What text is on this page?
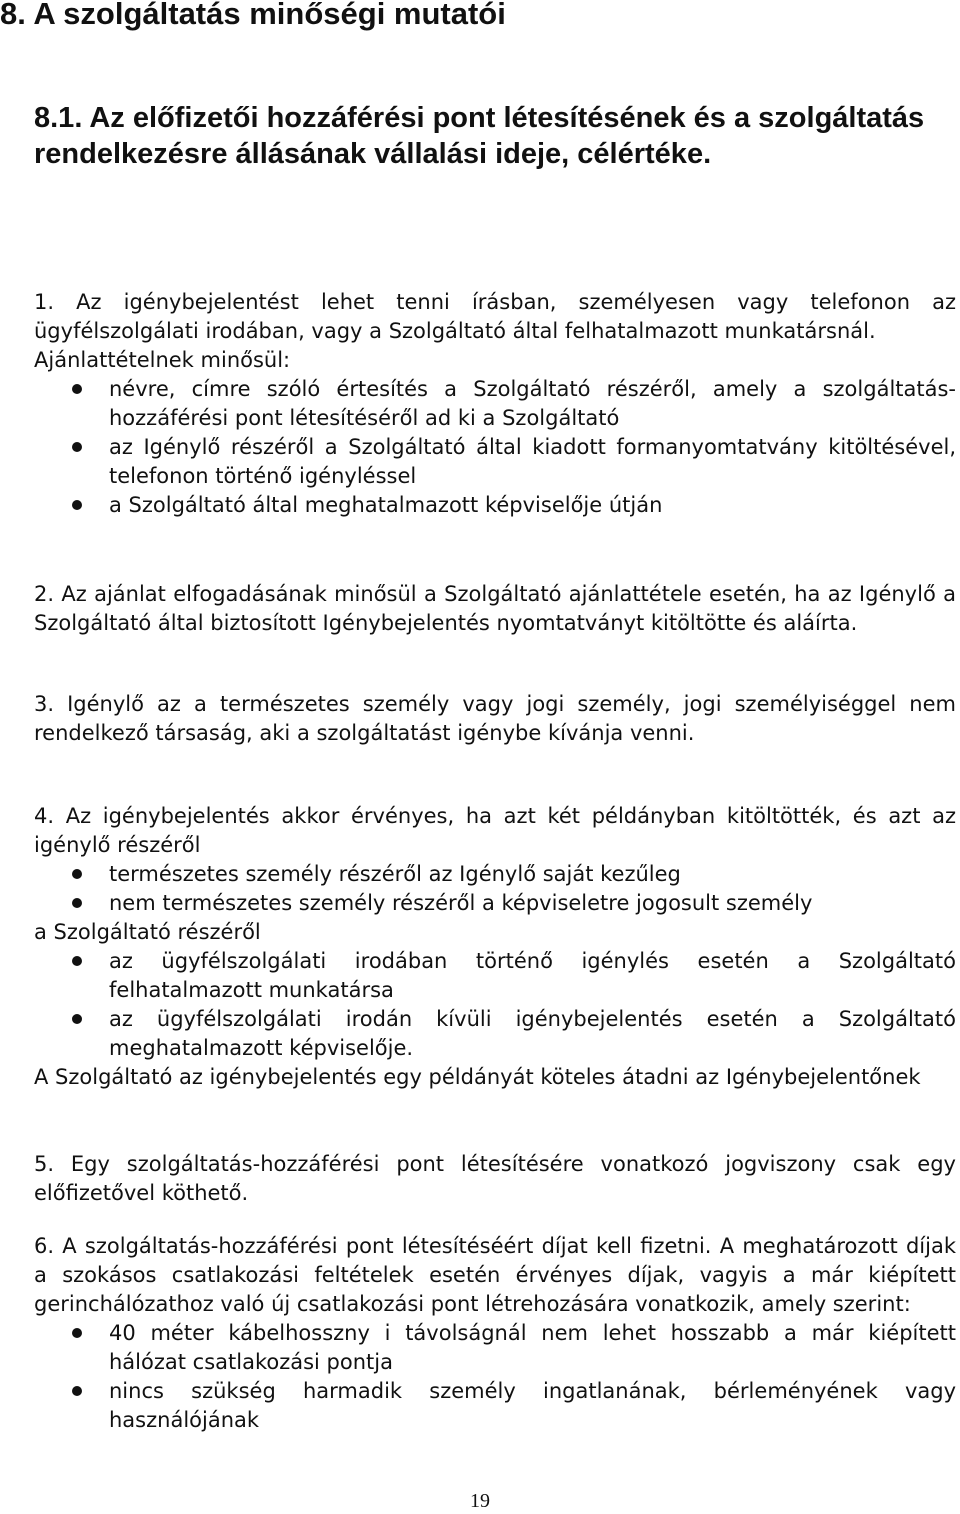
8. A szolgáltatás minőségi mutatói
8.1. Az előfizetői hozzáférési pont létesítésének és a szolgáltatás rendelkezésre állásának vállalási ideje, célértéke.

1. Az igénybejelentést lehet tenni írásban, személyesen vagy telefonon az ügyfélszolgálati irodában, vagy a Szolgáltató által felhatalmazott munkatársnál.

Ajánlattételnek minősül:

névre, címre szóló értesítés a Szolgáltató részéről, amely a szolgáltatás-hozzáférési pont létesítéséről ad ki a Szolgáltató
az Igénylő részéről a Szolgáltató által kiadott formanyomtatvány kitöltésével, telefonon történő igényléssel
a Szolgáltató által meghatalmazott képviselője útján

2. Az ajánlat elfogadásának minősül a Szolgáltató ajánlattétele esetén, ha az Igénylő a Szolgáltató által biztosított Igénybejelentés nyomtatványt kitöltötte és aláírta.

3. Igénylő az a természetes személy vagy jogi személy, jogi személyiséggel nem rendelkező társaság, aki a szolgáltatást igénybe kívánja venni.

4. Az igénybejelentés akkor érvényes, ha azt két példányban kitöltötték, és azt az igénylő részéről

természetes személy részéről az Igénylő saját kezűleg
nem természetes személy részéről a képviseletre jogosult személy

a Szolgáltató részéről

az ügyfélszolgálati irodában történő igénylés esetén a Szolgáltató felhatalmazott munkatársa
az ügyfélszolgálati irodán kívüli igénybejelentés esetén a Szolgáltató meghatalmazott képviselője.

A Szolgáltató az igénybejelentés egy példányát köteles átadni az Igénybejelentőnek

5. Egy szolgáltatás-hozzáférési pont létesítésére vonatkozó jogviszony csak egy előfizetővel köthető.

6. A szolgáltatás-hozzáférési pont létesítéséért díjat kell fizetni. A meghatározott díjak a szokásos csatlakozási feltételek esetén érvényes díjak, vagyis a már kiépített gerinchálózathoz való új csatlakozási pont létrehozására vonatkozik, amely szerint:

40 méter kábelhosszny i távolságnál nem lehet hosszabb a már kiépített hálózat csatlakozási pontja
nincs szükség harmadik személy ingatlanának, bérleményének vagy használójának
19
